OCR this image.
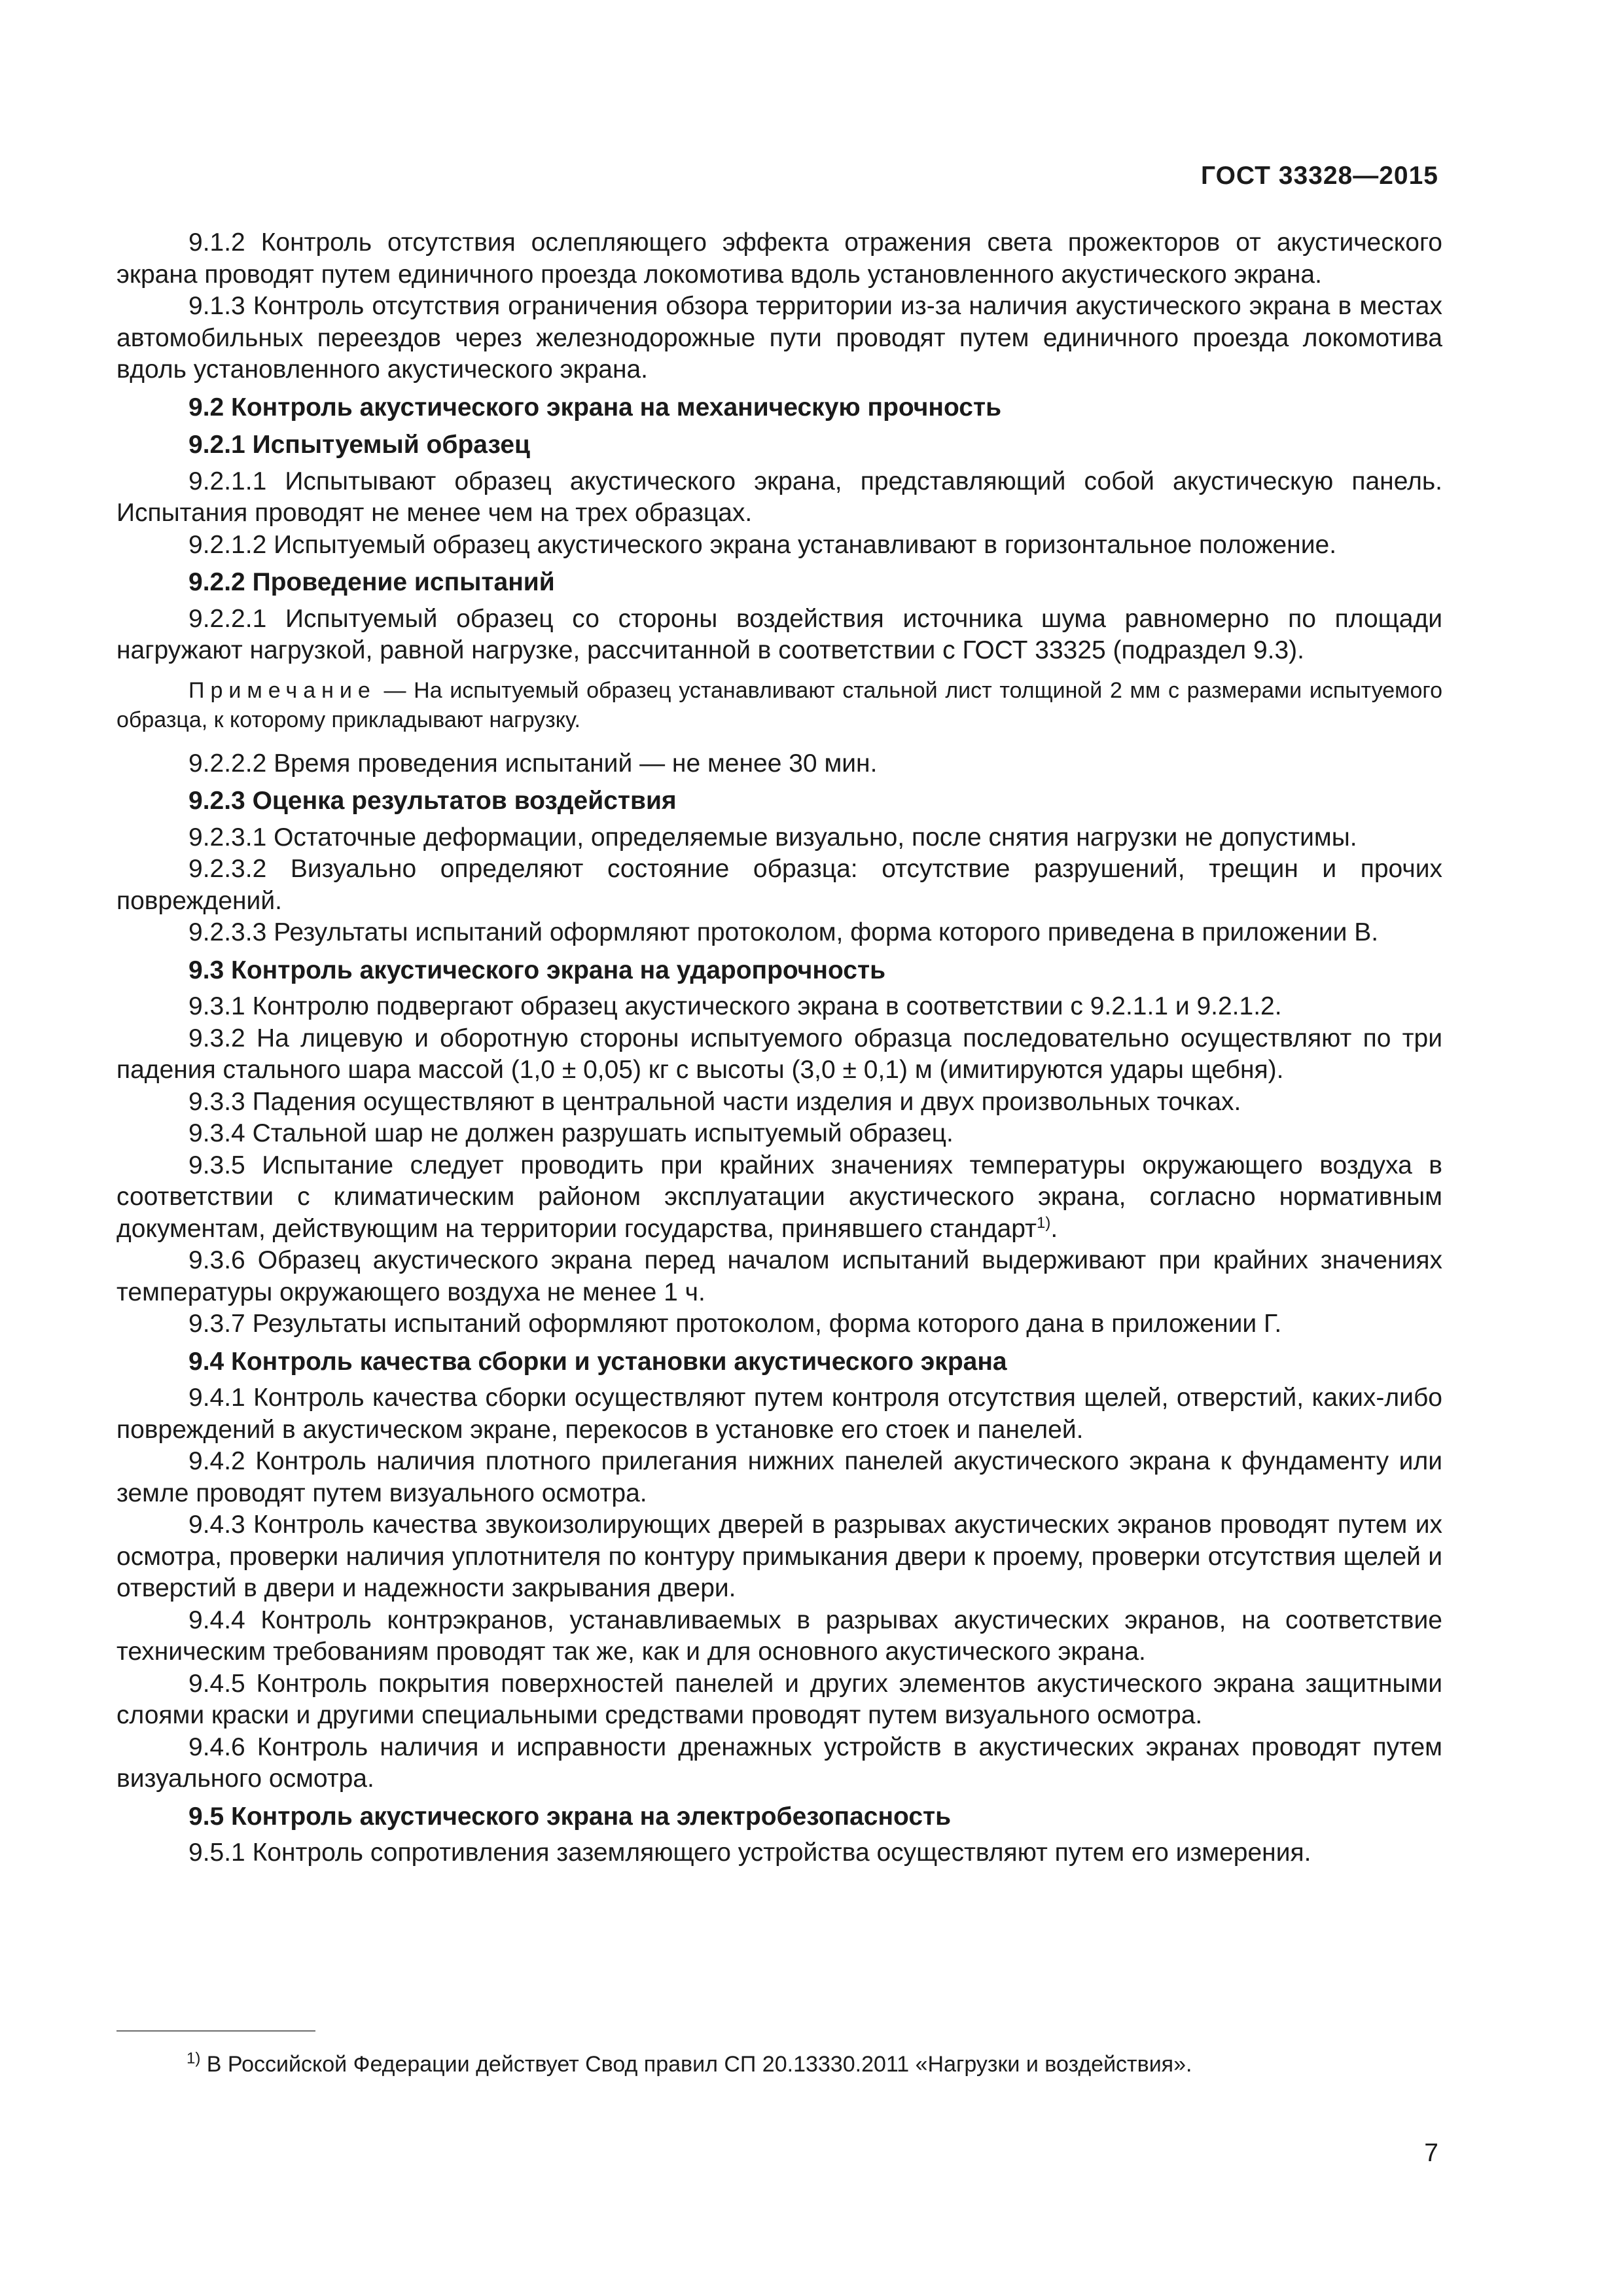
ГОСТ 33328—2015

9.1.2 Контроль отсутствия ослепляющего эффекта отражения света прожекторов от акустического экрана проводят путем единичного проезда локомотива вдоль установленного акустического экрана.

9.1.3 Контроль отсутствия ограничения обзора территории из-за наличия акустического экрана в местах автомобильных переездов через железнодорожные пути проводят путем единичного проезда локомотива вдоль установленного акустического экрана.

9.2 Контроль акустического экрана на механическую прочность
9.2.1 Испытуемый образец

9.2.1.1 Испытывают образец акустического экрана, представляющий собой акустическую панель. Испытания проводят не менее чем на трех образцах.

9.2.1.2 Испытуемый образец акустического экрана устанавливают в горизонтальное положение.

9.2.2 Проведение испытаний

9.2.2.1 Испытуемый образец со стороны воздействия источника шума равномерно по площади нагружают нагрузкой, равной нагрузке, рассчитанной в соответствии с ГОСТ 33325 (подраздел 9.3).

Примечание — На испытуемый образец устанавливают стальной лист толщиной 2 мм с размерами испытуемого образца, к которому прикладывают нагрузку.

9.2.2.2 Время проведения испытаний — не менее 30 мин.

9.2.3 Оценка результатов воздействия

9.2.3.1 Остаточные деформации, определяемые визуально, после снятия нагрузки не допустимы.

9.2.3.2 Визуально определяют состояние образца: отсутствие разрушений, трещин и прочих повреждений.

9.2.3.3 Результаты испытаний оформляют протоколом, форма которого приведена в приложении В.

9.3 Контроль акустического экрана на ударопрочность

9.3.1 Контролю подвергают образец акустического экрана в соответствии с 9.2.1.1 и 9.2.1.2.

9.3.2 На лицевую и оборотную стороны испытуемого образца последовательно осуществляют по три падения стального шара массой (1,0 ± 0,05) кг с высоты (3,0 ± 0,1) м (имитируются удары щебня).

9.3.3 Падения осуществляют в центральной части изделия и двух произвольных точках.

9.3.4 Стальной шар не должен разрушать испытуемый образец.

9.3.5 Испытание следует проводить при крайних значениях температуры окружающего воздуха в соответствии с климатическим районом эксплуатации акустического экрана, согласно нормативным документам, действующим на территории государства, принявшего стандарт$^{1)}$.

9.3.6 Образец акустического экрана перед началом испытаний выдерживают при крайних значениях температуры окружающего воздуха не менее 1 ч.

9.3.7 Результаты испытаний оформляют протоколом, форма которого дана в приложении Г.

9.4 Контроль качества сборки и установки акустического экрана

9.4.1 Контроль качества сборки осуществляют путем контроля отсутствия щелей, отверстий, каких-либо повреждений в акустическом экране, перекосов в установке его стоек и панелей.

9.4.2 Контроль наличия плотного прилегания нижних панелей акустического экрана к фундаменту или земле проводят путем визуального осмотра.

9.4.3 Контроль качества звукоизолирующих дверей в разрывах акустических экранов проводят путем их осмотра, проверки наличия уплотнителя по контуру примыкания двери к проему, проверки отсутствия щелей и отверстий в двери и надежности закрывания двери.

9.4.4 Контроль контрэкранов, устанавливаемых в разрывах акустических экранов, на соответствие техническим требованиям проводят так же, как и для основного акустического экрана.

9.4.5 Контроль покрытия поверхностей панелей и других элементов акустического экрана защитными слоями краски и другими специальными средствами проводят путем визуального осмотра.

9.4.6 Контроль наличия и исправности дренажных устройств в акустических экранах проводят путем визуального осмотра.

9.5 Контроль акустического экрана на электробезопасность

9.5.1 Контроль сопротивления заземляющего устройства осуществляют путем его измерения.

$^{1)}$ В Российской Федерации действует Свод правил СП 20.13330.2011 «Нагрузки и воздействия».
7
